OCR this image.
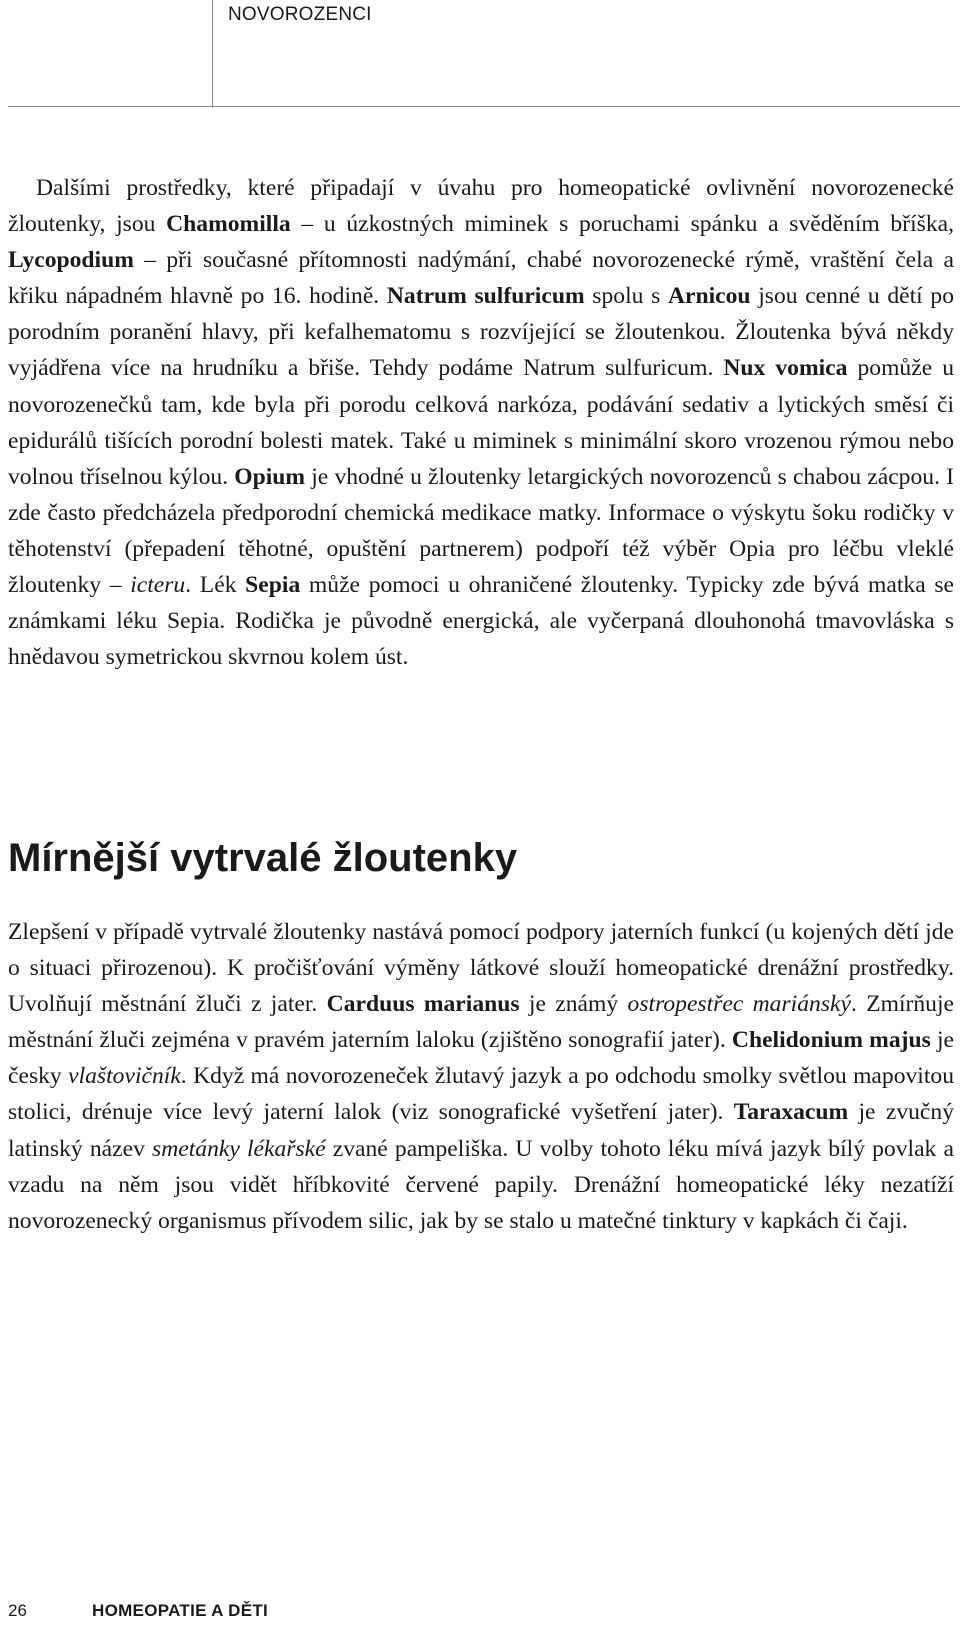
NOVOROZENCI

Dalšími prostředky, které připadají v úvahu pro homeopatické ovlivnění novorozenecké žloutenky, jsou Chamomilla – u úzkostných miminek s poruchami spánku a svěděním bříška, Lycopodium – při současné přítomnosti nadýmání, chabé novorozenecké rýmě, vraštění čela a křiku nápadném hlavně po 16. hodině. Natrum sulfuricum spolu s Arnicou jsou cenné u dětí po porodním poranění hlavy, při kefalhematomu s rozvíjející se žloutenkou. Žloutenka bývá někdy vyjádřena více na hrudníku a břiše. Tehdy podáme Natrum sulfuricum. Nux vomica pomůže u novorozenečků tam, kde byla při porodu celková narkóza, podávání sedativ a lytických směsí či epidurálů tišících porodní bolesti matek. Také u miminek s minimální skoro vrozenou rýmou nebo volnou tříselnou kýlou. Opium je vhodné u žloutenky letargických novorozenců s chabou zácpou. I zde často předcházela předporodní chemická medikace matky. Informace o výskytu šoku rodičky v těhotenství (přepadení těhotné, opuštění partnerem) podpoří též výběr Opia pro léčbu vleklé žloutenky – icteru. Lék Sepia může pomoci u ohraničené žloutenky. Typicky zde bývá matka se známkami léku Sepia. Rodička je původně energická, ale vyčerpaná dlouhonohá tmavovláska s hnědavou symetrickou skvrnou kolem úst.

Mírnější vytrvalé žloutenky

Zlepšení v případě vytrvalé žloutenky nastává pomocí podpory jaterních funkcí (u kojených dětí jde o situaci přirozenou). K pročišťování výměny látkové slouží homeopatické drenážní prostředky. Uvolňují městnání žluči z jater. Carduus marianus je známý ostropestřec mariánský. Zmírňuje městnání žluči zejména v pravém jaterním laloku (zjištěno sonografií jater). Chelidonium majus je česky vlaštovičník. Když má novorozeneček žlutavý jazyk a po odchodu smolky světlou mapovitou stolici, drénuje více levý jaterní lalok (viz sonografické vyšetření jater). Taraxacum je zvučný latinský název smetánky lékařské zvané pampeliška. U volby tohoto léku mívá jazyk bílý povlak a vzadu na něm jsou vidět hříbkovité červené papily. Drenážní homeopatické léky nezatíží novorozenecký organismus přívodem silic, jak by se stalo u matečné tinktury v kapkách či čaji.

26	HOMEOPATIE A DĚTI
